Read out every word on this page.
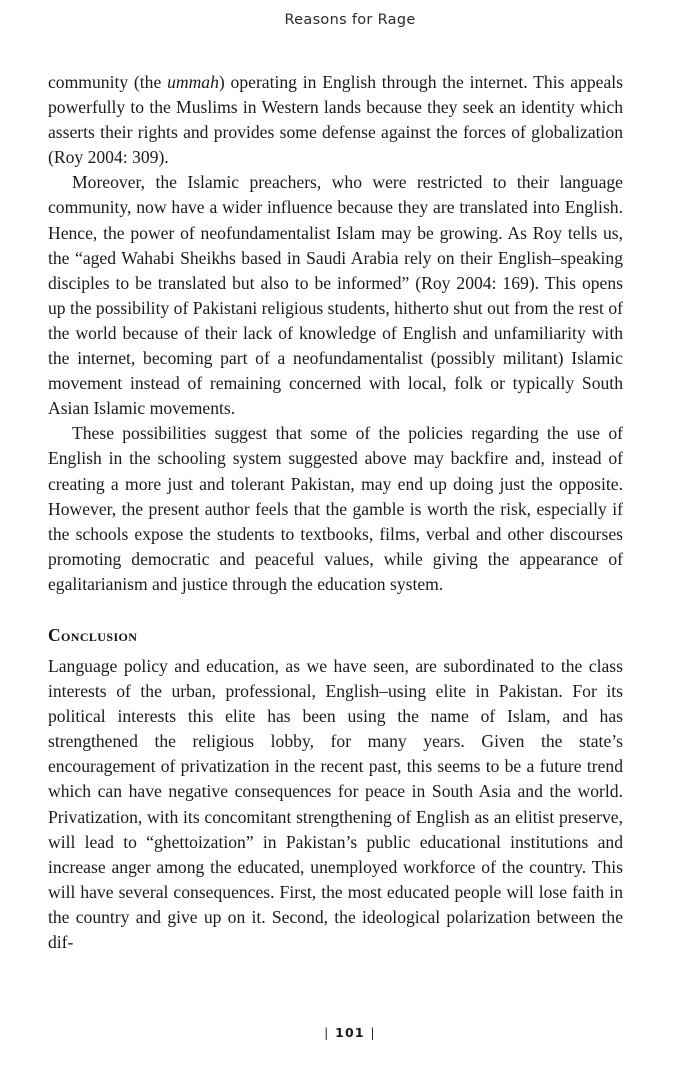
Reasons for Rage

community (the ummah) operating in English through the internet. This appeals powerfully to the Muslims in Western lands because they seek an identity which asserts their rights and provides some defense against the forces of globalization (Roy 2004: 309).

Moreover, the Islamic preachers, who were restricted to their language community, now have a wider influence because they are translated into English. Hence, the power of neofundamentalist Islam may be growing. As Roy tells us, the “aged Wahabi Sheikhs based in Saudi Arabia rely on their English–speaking disciples to be translated but also to be informed” (Roy 2004: 169). This opens up the possibility of Pakistani religious students, hitherto shut out from the rest of the world because of their lack of knowledge of English and unfamiliarity with the internet, becoming part of a neofundamentalist (possibly militant) Islamic movement instead of remaining concerned with local, folk or typically South Asian Islamic movements.

These possibilities suggest that some of the policies regarding the use of English in the schooling system suggested above may backfire and, instead of creating a more just and tolerant Pakistan, may end up doing just the opposite. However, the present author feels that the gamble is worth the risk, especially if the schools expose the students to textbooks, films, verbal and other discourses promoting democratic and peaceful values, while giving the appearance of egalitarianism and justice through the education system.

Conclusion

Language policy and education, as we have seen, are subordinated to the class interests of the urban, professional, English–using elite in Pakistan. For its political interests this elite has been using the name of Islam, and has strengthened the religious lobby, for many years. Given the state’s encouragement of privatization in the recent past, this seems to be a future trend which can have negative consequences for peace in South Asia and the world. Privatization, with its concomitant strengthening of English as an elitist preserve, will lead to “ghettoization” in Pakistan’s public educational institutions and increase anger among the educated, unemployed workforce of the country. This will have several consequences. First, the most educated people will lose faith in the country and give up on it. Second, the ideological polarization between the dif-

| 101 |
